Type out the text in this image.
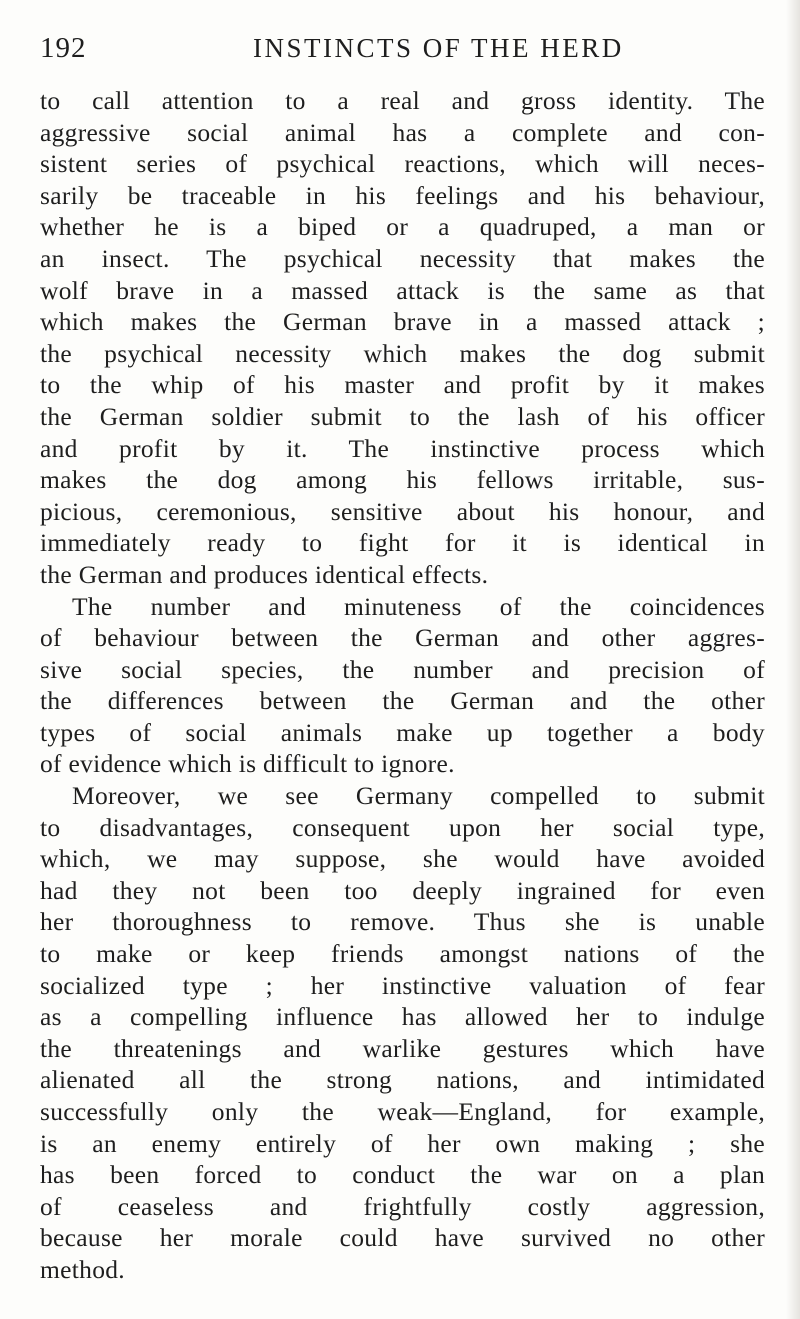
192	INSTINCTS OF THE HERD
to call attention to a real and gross identity. The
aggressive social animal has a complete and con-
sistent series of psychical reactions, which will neces-
sarily be traceable in his feelings and his behaviour,
whether he is a biped or a quadruped, a man or
an insect. The psychical necessity that makes the
wolf brave in a massed attack is the same as that
which makes the German brave in a massed attack ;
the psychical necessity which makes the dog submit
to the whip of his master and profit by it makes
the German soldier submit to the lash of his officer
and profit by it. The instinctive process which
makes the dog among his fellows irritable, sus-
picious, ceremonious, sensitive about his honour, and
immediately ready to fight for it is identical in
the German and produces identical effects.
The number and minuteness of the coincidences
of behaviour between the German and other aggres-
sive social species, the number and precision of
the differences between the German and the other
types of social animals make up together a body
of evidence which is difficult to ignore.
Moreover, we see Germany compelled to submit
to disadvantages, consequent upon her social type,
which, we may suppose, she would have avoided
had they not been too deeply ingrained for even
her thoroughness to remove. Thus she is unable
to make or keep friends amongst nations of the
socialized type ; her instinctive valuation of fear
as a compelling influence has allowed her to indulge
the threatenings and warlike gestures which have
alienated all the strong nations, and intimidated
successfully only the weak—England, for example,
is an enemy entirely of her own making ; she
has been forced to conduct the war on a plan
of ceaseless and frightfully costly aggression,
because her morale could have survived no other
method.
